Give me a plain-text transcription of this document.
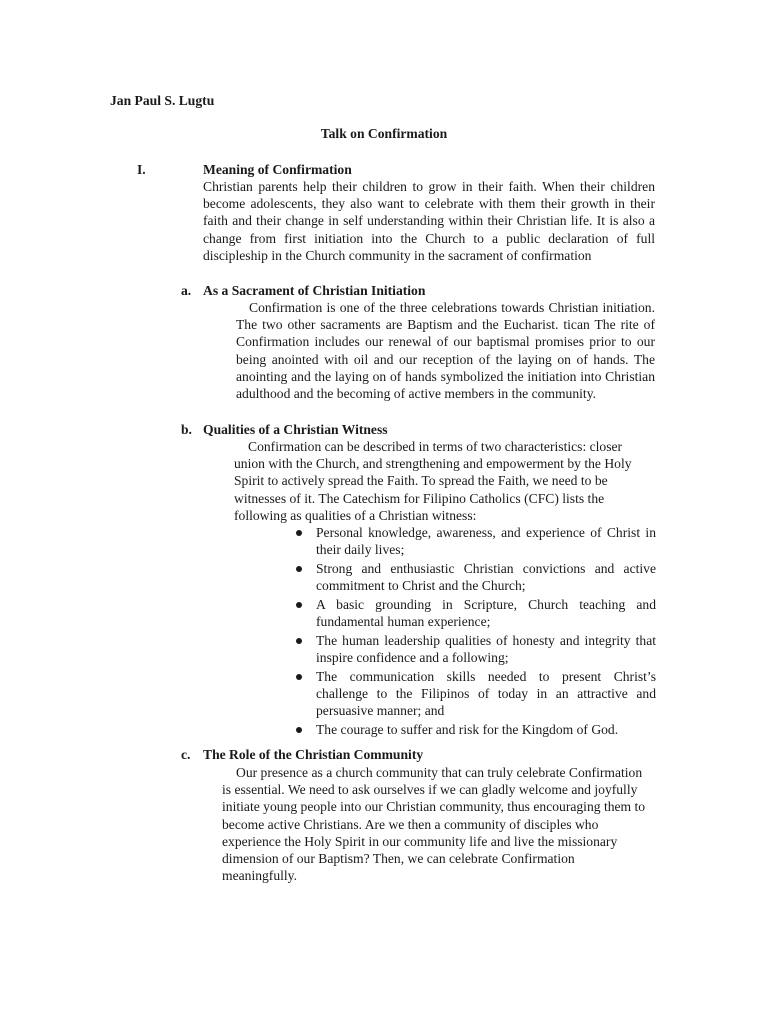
Jan Paul S. Lugtu
Talk on Confirmation
I.	Meaning of Confirmation
Christian parents help their children to grow in their faith. When their children become adolescents, they also want to celebrate with them their growth in their faith and their change in self understanding within their Christian life. It is also a change from first initiation into the Church to a public declaration of full discipleship in the Church community in the sacrament of confirmation
a. As a Sacrament of Christian Initiation
Confirmation is one of the three celebrations towards Christian initiation. The two other sacraments are Baptism and the Eucharist. tican The rite of Confirmation includes our renewal of our baptismal promises prior to our being anointed with oil and our reception of the laying on of hands. The anointing and the laying on of hands symbolized the initiation into Christian adulthood and the becoming of active members in the community.
b. Qualities of a Christian Witness
Confirmation can be described in terms of two characteristics: closer union with the Church, and strengthening and empowerment by the Holy Spirit to actively spread the Faith. To spread the Faith, we need to be witnesses of it. The Catechism for Filipino Catholics (CFC) lists the following as qualities of a Christian witness:
Personal knowledge, awareness, and experience of Christ in their daily lives;
Strong and enthusiastic Christian convictions and active commitment to Christ and the Church;
A basic grounding in Scripture, Church teaching and fundamental human experience;
The human leadership qualities of honesty and integrity that inspire confidence and a following;
The communication skills needed to present Christ’s challenge to the Filipinos of today in an attractive and persuasive manner; and
The courage to suffer and risk for the Kingdom of God.
c. The Role of the Christian Community
Our presence as a church community that can truly celebrate Confirmation is essential. We need to ask ourselves if we can gladly welcome and joyfully initiate young people into our Christian community, thus encouraging them to become active Christians. Are we then a community of disciples who experience the Holy Spirit in our community life and live the missionary dimension of our Baptism? Then, we can celebrate Confirmation meaningfully.
